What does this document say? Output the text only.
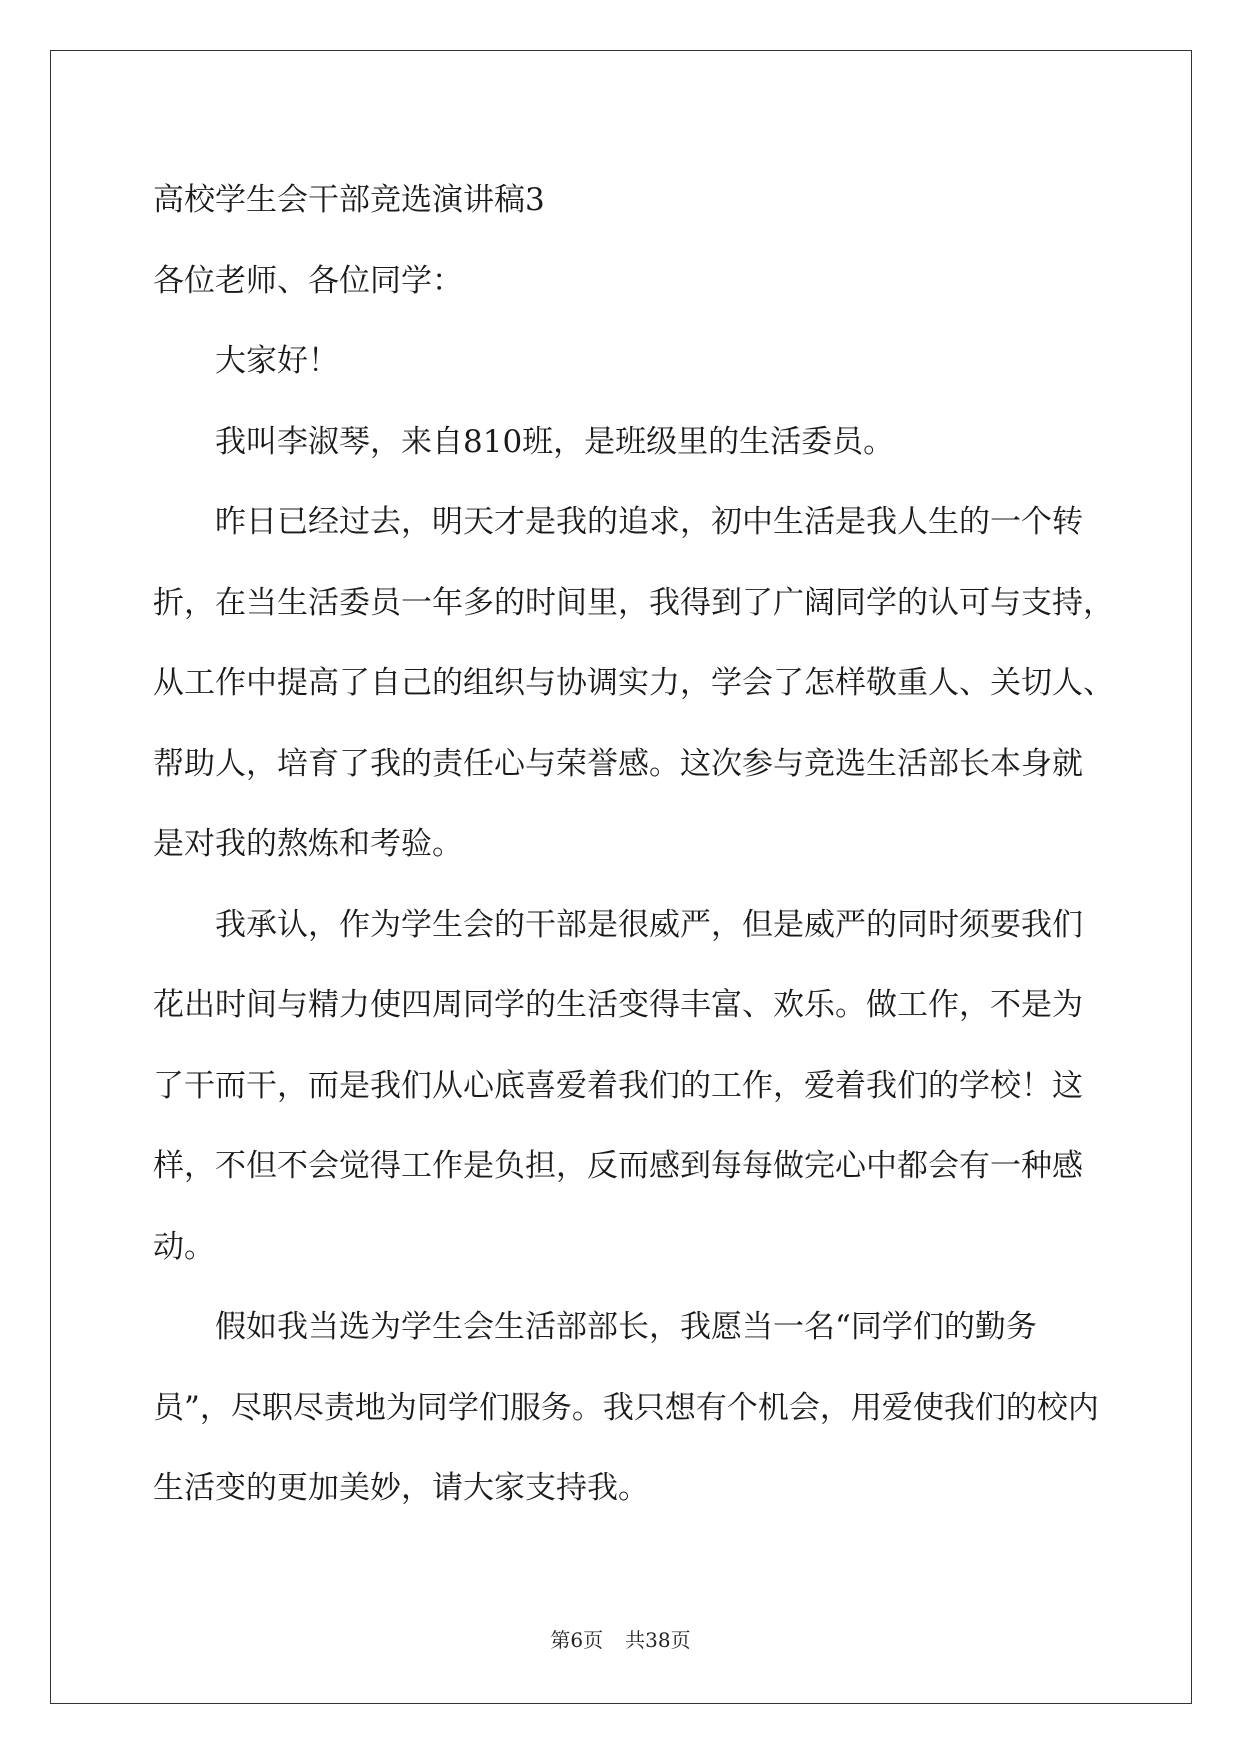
高校学生会干部竞选演讲稿3
各位老师、各位同学：
大家好！
我叫李淑琴，来自810班，是班级里的生活委员。
昨日已经过去，明天才是我的追求，初中生活是我人生的一个转
折，在当生活委员一年多的时间里，我得到了广阔同学的认可与支持，
从工作中提高了自己的组织与协调实力，学会了怎样敬重人、关切人、
帮助人，培育了我的责任心与荣誉感。这次参与竞选生活部长本身就
是对我的熬炼和考验。
我承认，作为学生会的干部是很威严，但是威严的同时须要我们
花出时间与精力使四周同学的生活变得丰富、欢乐。做工作，不是为
了干而干，而是我们从心底喜爱着我们的工作，爱着我们的学校！这
样，不但不会觉得工作是负担，反而感到每每做完心中都会有一种感
动。
假如我当选为学生会生活部部长，我愿当一名“同学们的勤务
员”，尽职尽责地为同学们服务。我只想有个机会，用爱使我们的校内
生活变的更加美妙，请大家支持我。
第6页 共38页
